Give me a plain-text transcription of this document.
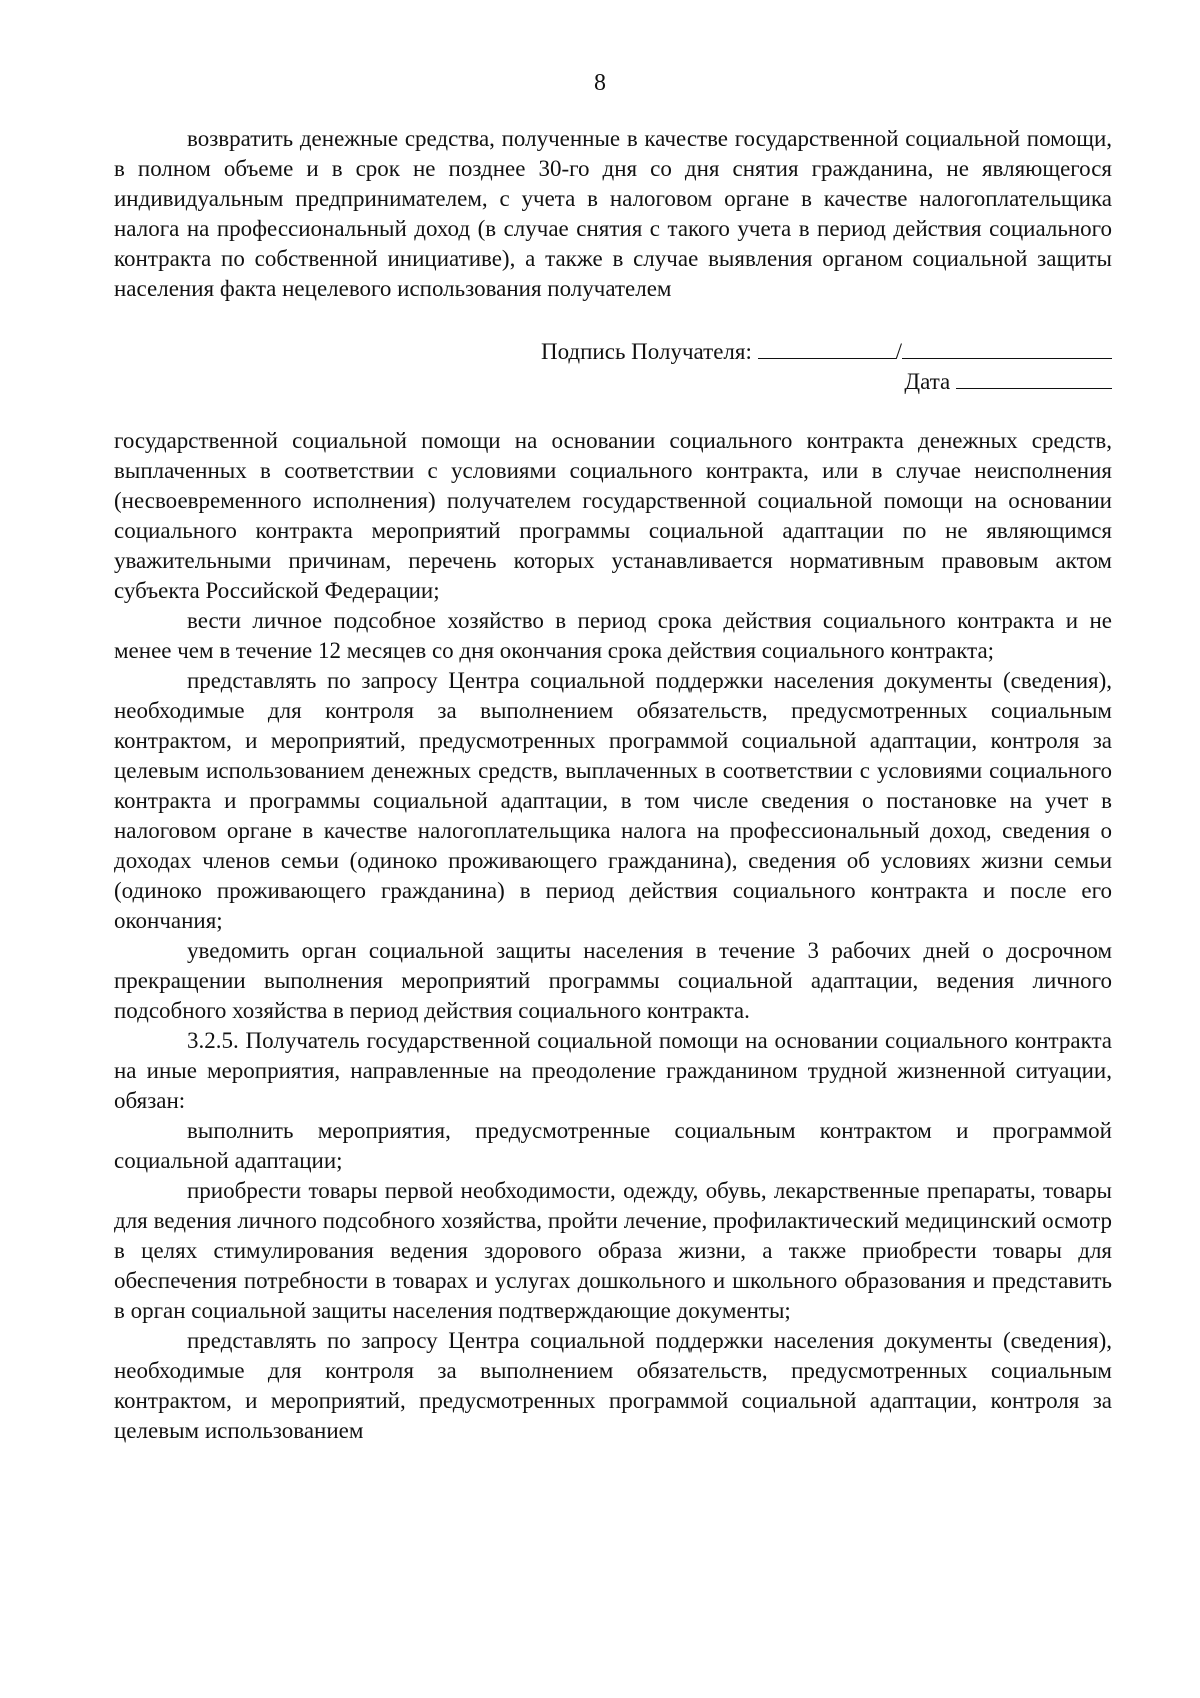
8

возвратить денежные средства, полученные в качестве государственной социальной помощи, в полном объеме и в срок не позднее 30-го дня со дня снятия гражданина, не являющегося индивидуальным предпринимателем, с учета в налоговом органе в качестве налогоплательщика налога на профессиональный доход (в случае снятия с такого учета в период действия социального контракта по собственной инициативе), а также в случае выявления органом социальной защиты населения факта нецелевого использования получателем

Подпись Получателя:	/
Дата

государственной социальной помощи на основании социального контракта денежных средств, выплаченных в соответствии с условиями социального контракта, или в случае неисполнения (несвоевременного исполнения) получателем государственной социальной помощи на основании социального контракта мероприятий программы социальной адаптации по не являющимся уважительными причинам, перечень которых устанавливается нормативным правовым актом субъекта Российской Федерации;

вести личное подсобное хозяйство в период срока действия социального контракта и не менее чем в течение 12 месяцев со дня окончания срока действия социального контракта;

представлять по запросу Центра социальной поддержки населения документы (сведения), необходимые для контроля за выполнением обязательств, предусмотренных социальным контрактом, и мероприятий, предусмотренных программой социальной адаптации, контроля за целевым использованием денежных средств, выплаченных в соответствии с условиями социального контракта и программы социальной адаптации, в том числе сведения о постановке на учет в налоговом органе в качестве налогоплательщика налога на профессиональный доход, сведения о доходах членов семьи (одиноко проживающего гражданина), сведения об условиях жизни семьи (одиноко проживающего гражданина) в период действия социального контракта и после его окончания;

уведомить орган социальной защиты населения в течение 3 рабочих дней о досрочном прекращении выполнения мероприятий программы социальной адаптации, ведения личного подсобного хозяйства в период действия социального контракта.

3.2.5. Получатель государственной социальной помощи на основании социального контракта на иные мероприятия, направленные на преодоление гражданином трудной жизненной ситуации, обязан:

выполнить мероприятия, предусмотренные социальным контрактом и программой социальной адаптации;

приобрести товары первой необходимости, одежду, обувь, лекарственные препараты, товары для ведения личного подсобного хозяйства, пройти лечение, профилактический медицинский осмотр в целях стимулирования ведения здорового образа жизни, а также приобрести товары для обеспечения потребности в товарах и услугах дошкольного и школьного образования и представить в орган социальной защиты населения подтверждающие документы;

представлять по запросу Центра социальной поддержки населения документы (сведения), необходимые для контроля за выполнением обязательств, предусмотренных социальным контрактом, и мероприятий, предусмотренных программой социальной адаптации, контроля за целевым использованием
